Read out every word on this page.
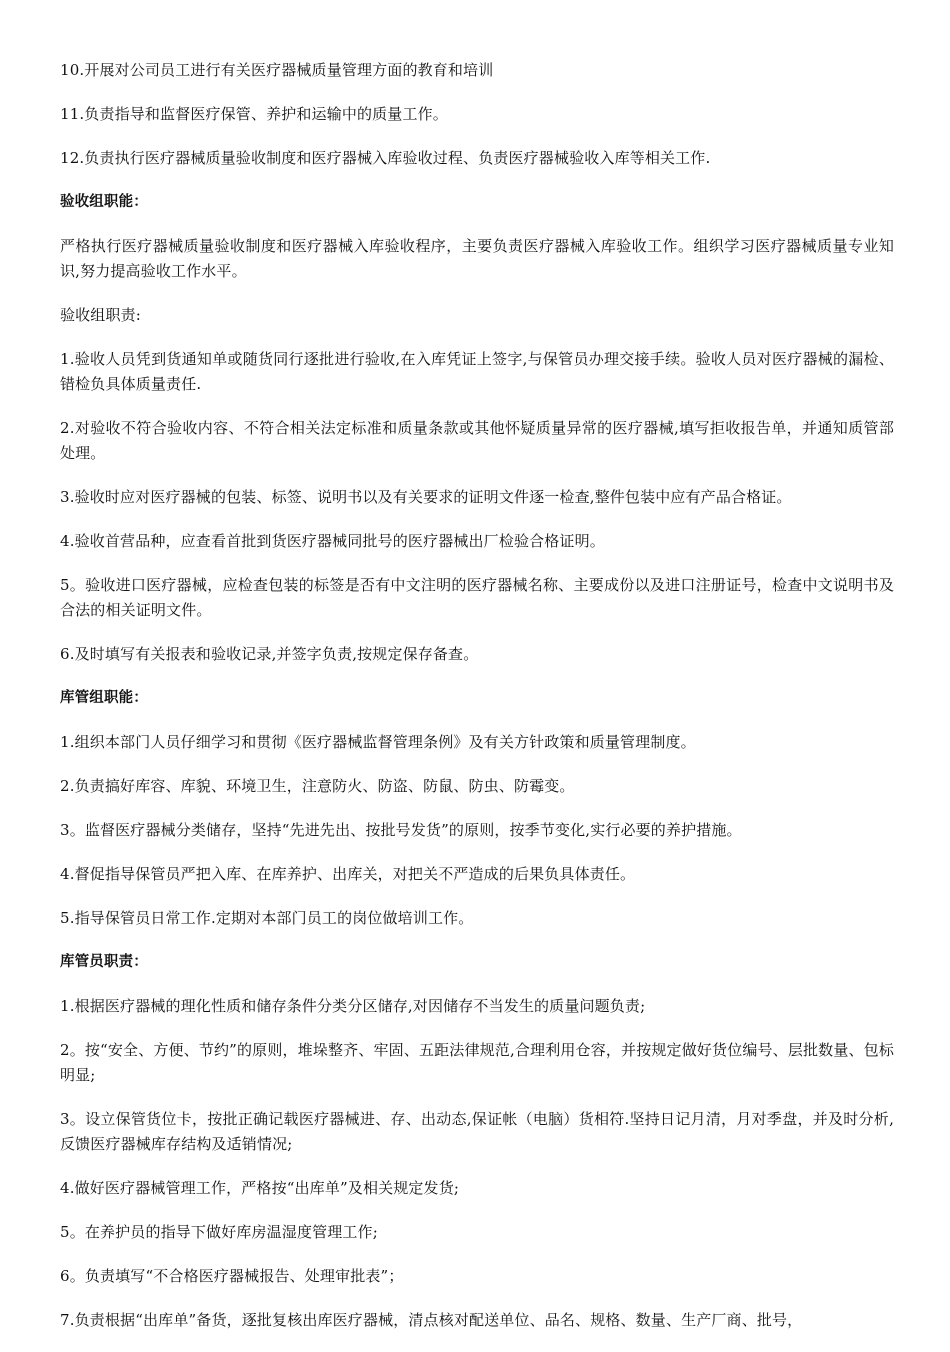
10.开展对公司员工进行有关医疗器械质量管理方面的教育和培训

11.负责指导和监督医疗保管、养护和运输中的质量工作。

12.负责执行医疗器械质量验收制度和医疗器械入库验收过程、负责医疗器械验收入库等相关工作.

验收组职能：

严格执行医疗器械质量验收制度和医疗器械入库验收程序，主要负责医疗器械入库验收工作。组织学习医疗器械质量专业知识,努力提高验收工作水平。

验收组职责:

1.验收人员凭到货通知单或随货同行逐批进行验收,在入库凭证上签字,与保管员办理交接手续。验收人员对医疗器械的漏检、错检负具体质量责任.

2.对验收不符合验收内容、不符合相关法定标准和质量条款或其他怀疑质量异常的医疗器械,填写拒收报告单，并通知质管部处理。

3.验收时应对医疗器械的包装、标签、说明书以及有关要求的证明文件逐一检查,整件包装中应有产品合格证。

4.验收首营品种，应查看首批到货医疗器械同批号的医疗器械出厂检验合格证明。

5。验收进口医疗器械，应检查包装的标签是否有中文注明的医疗器械名称、主要成份以及进口注册证号，检查中文说明书及合法的相关证明文件。

6.及时填写有关报表和验收记录,并签字负责,按规定保存备查。

库管组职能：

1.组织本部门人员仔细学习和贯彻《医疗器械监督管理条例》及有关方针政策和质量管理制度。

2.负责搞好库容、库貌、环境卫生，注意防火、防盗、防鼠、防虫、防霉变。

3。监督医疗器械分类储存，坚持“先进先出、按批号发货”的原则，按季节变化,实行必要的养护措施。

4.督促指导保管员严把入库、在库养护、出库关，对把关不严造成的后果负具体责任。

5.指导保管员日常工作.定期对本部门员工的岗位做培训工作。

库管员职责：

1.根据医疗器械的理化性质和储存条件分类分区储存,对因储存不当发生的质量问题负责;

2。按“安全、方便、节约”的原则，堆垛整齐、牢固、五距法律规范,合理利用仓容，并按规定做好货位编号、层批数量、包标明显;

3。设立保管货位卡，按批正确记载医疗器械进、存、出动态,保证帐（电脑）货相符.坚持日记月清，月对季盘，并及时分析,反馈医疗器械库存结构及适销情况;

4.做好医疗器械管理工作，严格按“出库单”及相关规定发货;

5。在养护员的指导下做好库房温湿度管理工作;

6。负责填写“不合格医疗器械报告、处理审批表”；

7.负责根据“出库单”备货，逐批复核出库医疗器械，清点核对配送单位、品名、规格、数量、生产厂商、批号，
